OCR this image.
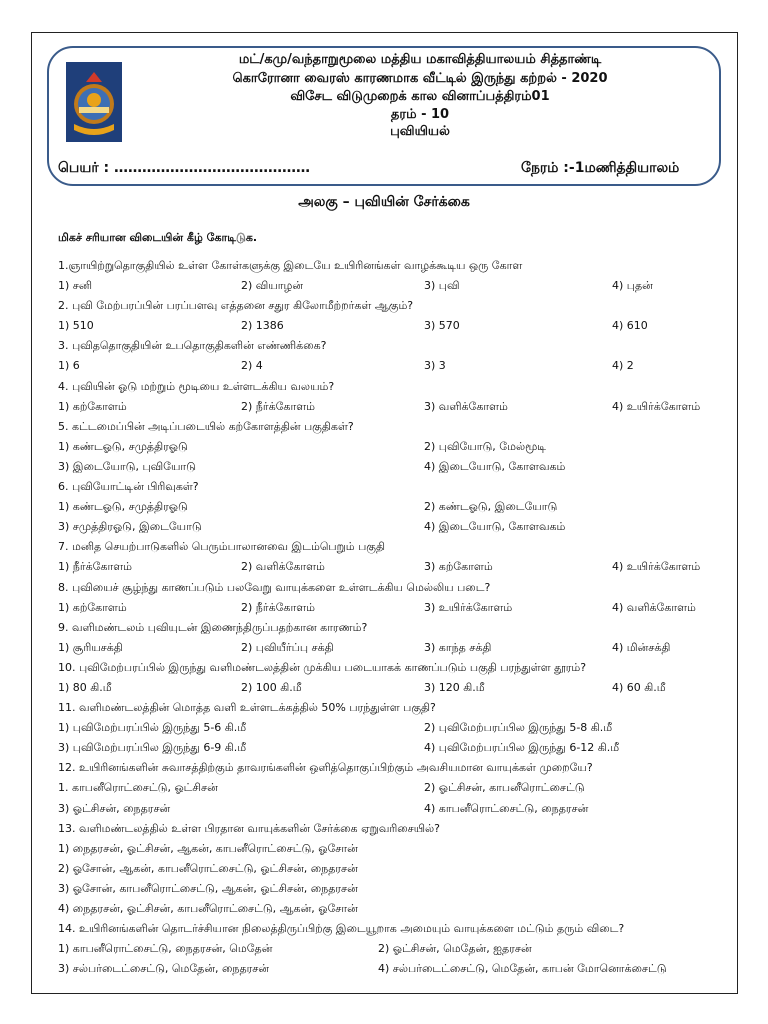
மட்/கமு/வந்தாறுமூலை மத்திய மகாவித்தியாலயம் சித்தாண்டி
கொரோனா வைரஸ் காரணமாக வீட்டில் இருந்து கற்றல் - 2020
விசேட விடுமுறைக் கால வினாப்பத்திரம்01
தரம் - 10
புவியியல்
பெயர் : ……………………………………	நேரம் :-1மணித்தியாலம்
அலகு – புவியின் சேர்க்கை
மிகச் சரியான விடையின் கீழ் கோடிடுக.
1.ஞாயிற்றுதொகுதியில் உள்ள கோள்களுக்கு இடையே உயிரினங்கள் வாழக்கூடிய ஒரு கோள
1) சனி	2) வியாழன்	3) புவி	4) புதன்
2. புவி மேற்பரப்பின் பரப்பளவு எத்தனை சதுர கிலோமீற்றர்கள் ஆகும்?
1) 510	2) 1386	3) 570	4) 610
3. புவிததொகுதியின் உபதொகுதிகளின் எண்ணிக்கை?
1) 6	2) 4	3) 3	4) 2
4. புவியின் ஓடு மற்றும் மூடியை உள்ளடக்கிய வலயம்?
1) கற்கோளம்	2) நீர்க்கோளம்	3) வளிக்கோளம்	4) உயிர்க்கோளம்
5. கட்டமைப்பின் அடிப்படையில் கற்கோளத்தின் பகுதிகள்?
1) கண்டஓடு, சமுத்திரஓடு	2) புவியோடு, மேல்மூடி
3) இடையோடு, புவியோடு	4) இடையோடு, கோளவகம்
6. புவியோட்டின் பிரிவுகள்?
1) கண்டஓடு, சமுத்திரஓடு	2) கண்டஓடு, இடையோடு
3) சமுத்திரஓடு, இடையோடு	4) இடையோடு, கோளவகம்
7. மனித செயற்பாடுகளில் பெரும்பாலானவை இடம்பெறும் பகுதி
1) நீர்க்கோளம்	2) வளிக்கோளம்	3) கற்கோளம்	4) உயிர்க்கோளம்
8. புவியைச் சூழ்ந்து காணப்படும் பலவேறு வாயுக்களை உள்ளடக்கிய மெல்லிய படை?
1) கற்கோளம்	2) நீர்க்கோளம்	3) உயிர்க்கோளம்	4) வளிக்கோளம்
9. வளிமண்டலம் புவியுடன் இணைந்திருப்பதற்கான காரணம்?
1) சூரியசக்தி	2) புவியீர்ப்பு சக்தி	3) காந்த சக்தி	4) மின்சக்தி
10. புவிமேற்பரப்பில் இருந்து வளிமண்டலத்தின் முக்கிய படையாகக் காணப்படும் பகுதி பரந்துள்ள தூரம்?
1) 80 கி.மீ	2) 100 கி.மீ	3) 120 கி.மீ	4) 60 கி.மீ
11. வளிமண்டலத்தின் மொத்த வளி உள்ளடக்கத்தில் 50% பரந்துள்ள பகுதி?
1) புவிமேற்பரப்பில் இருந்து 5-6 கி.மீ	2) புவிமேற்பரப்பில இருந்து 5-8 கி.மீ
3) புவிமேற்பரப்பில இருந்து 6-9 கி.மீ	4) புவிமேற்பரப்பில இருந்து 6-12 கி.மீ
12. உயிரினங்களின் சுவாசத்திற்கும் தாவரங்களின் ஒளித்தொகுப்பிற்கும் அவசியமான வாயுக்கள் முறையே?
1. காபனீரொட்சைட்டு, ஓட்சிசன்	2) ஓட்சிசன், காபனீரொட்சைட்டு
3) ஓட்சிசன், நைதரசன்	4) காபனீரொட்சைட்டு, நைதரசன்
13. வளிமண்டலத்தில் உள்ள பிரதான வாயுக்களின் சேர்க்கை ஏறுவரிசையில்?
1) நைதரசன், ஓட்சிசன், ஆகன், காபனீரொட்சைட்டு, ஓசோன்
2) ஓசோன், ஆகன், காபனீரொட்சைட்டு, ஓட்சிசன், நைதரசன்
3) ஓசோன், காபனீரொட்சைட்டு, ஆகன், ஓட்சிசன், நைதரசன்
4) நைதரசன், ஓட்சிசன், காபனீரொட்சைட்டு, ஆகன், ஓசோன்
14. உயிரினங்களின் தொடர்ச்சியான நிலைத்திருப்பிற்கு இடையூறாக அமையும் வாயுக்களை மட்டும் தரும் விடை?
1) காபனீரொட்சைட்டு, நைதரசன், மெதேன்	2) ஓட்சிசன், மெதேன், ஐதரசன்
3) சல்பர்டைட்சைட்டு, மெதேன், நைதரசன்	4) சல்பர்டைட்சைட்டு, மெதேன், காபன் மோனொக்சைட்டு
